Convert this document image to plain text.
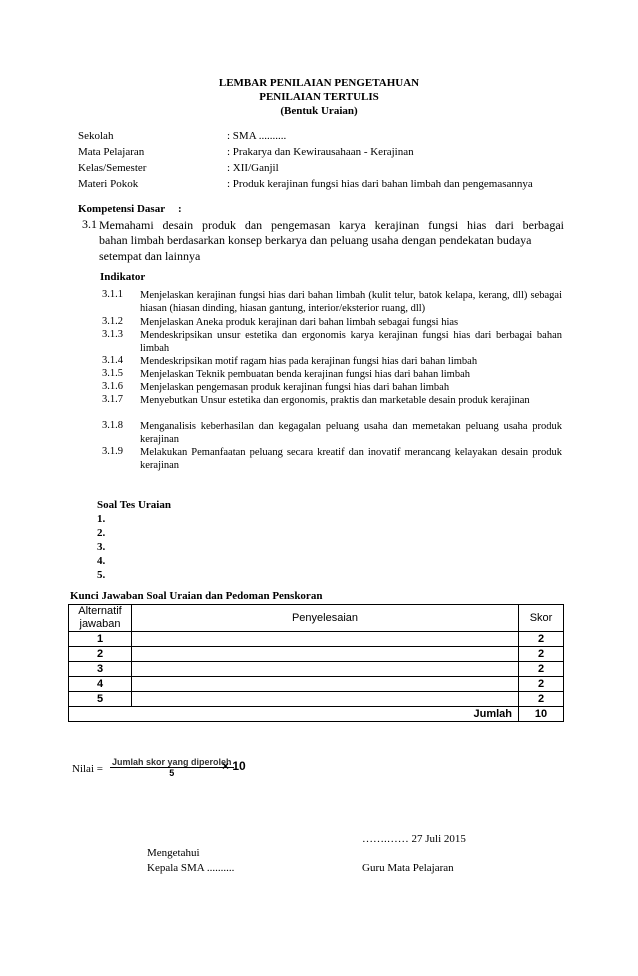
LEMBAR PENILAIAN PENGETAHUAN
PENILAIAN TERTULIS
(Bentuk Uraian)
Sekolah	: SMA ..........
Mata Pelajaran	: Prakarya dan Kewirausahaan - Kerajinan
Kelas/Semester	: XII/Ganjil
Materi Pokok	: Produk kerajinan fungsi hias dari bahan limbah dan pengemasannya
Kompetensi Dasar :
3.1 Memahami desain produk dan pengemasan karya kerajinan fungsi hias dari berbagai
bahan limbah berdasarkan konsep berkarya dan peluang usaha dengan pendekatan budaya
setempat dan lainnya
Indikator
3.1.1	Menjelaskan kerajinan fungsi hias dari bahan limbah (kulit telur, batok kelapa, kerang, dll) sebagai hiasan (hiasan dinding, hiasan gantung, interior/eksterior ruang, dll)
3.1.2	Menjelaskan Aneka produk kerajinan dari bahan limbah sebagai fungsi hias
3.1.3	Mendeskripsikan unsur estetika dan ergonomis karya kerajinan fungsi hias dari berbagai bahan limbah
3.1.4	Mendeskripsikan motif ragam hias pada kerajinan fungsi hias dari bahan limbah
3.1.5	Menjelaskan Teknik pembuatan benda kerajinan fungsi hias dari bahan limbah
3.1.6	Menjelaskan pengemasan produk kerajinan fungsi hias dari bahan limbah
3.1.7	Menyebutkan Unsur estetika dan ergonomis, praktis dan marketable desain produk kerajinan
3.1.8	Menganalisis keberhasilan dan kegagalan peluang usaha dan memetakan peluang usaha produk kerajinan
3.1.9	Melakukan Pemanfaatan peluang secara kreatif dan inovatif merancang kelayakan desain produk kerajinan
Soal Tes Uraian
1.
2.
3.
4.
5.
Kunci Jawaban Soal Uraian dan Pedoman Penskoran
Alternatif jawaban	Penyelesaian	Skor
1		2
2		2
3		2
4		2
5		2
Jumlah		10
Nilai =
Jumlah skor yang diperoleh
5	× 10
…….…… 27 Juli 2015
Mengetahui
Kepala SMA ..........	Guru Mata Pelajaran
